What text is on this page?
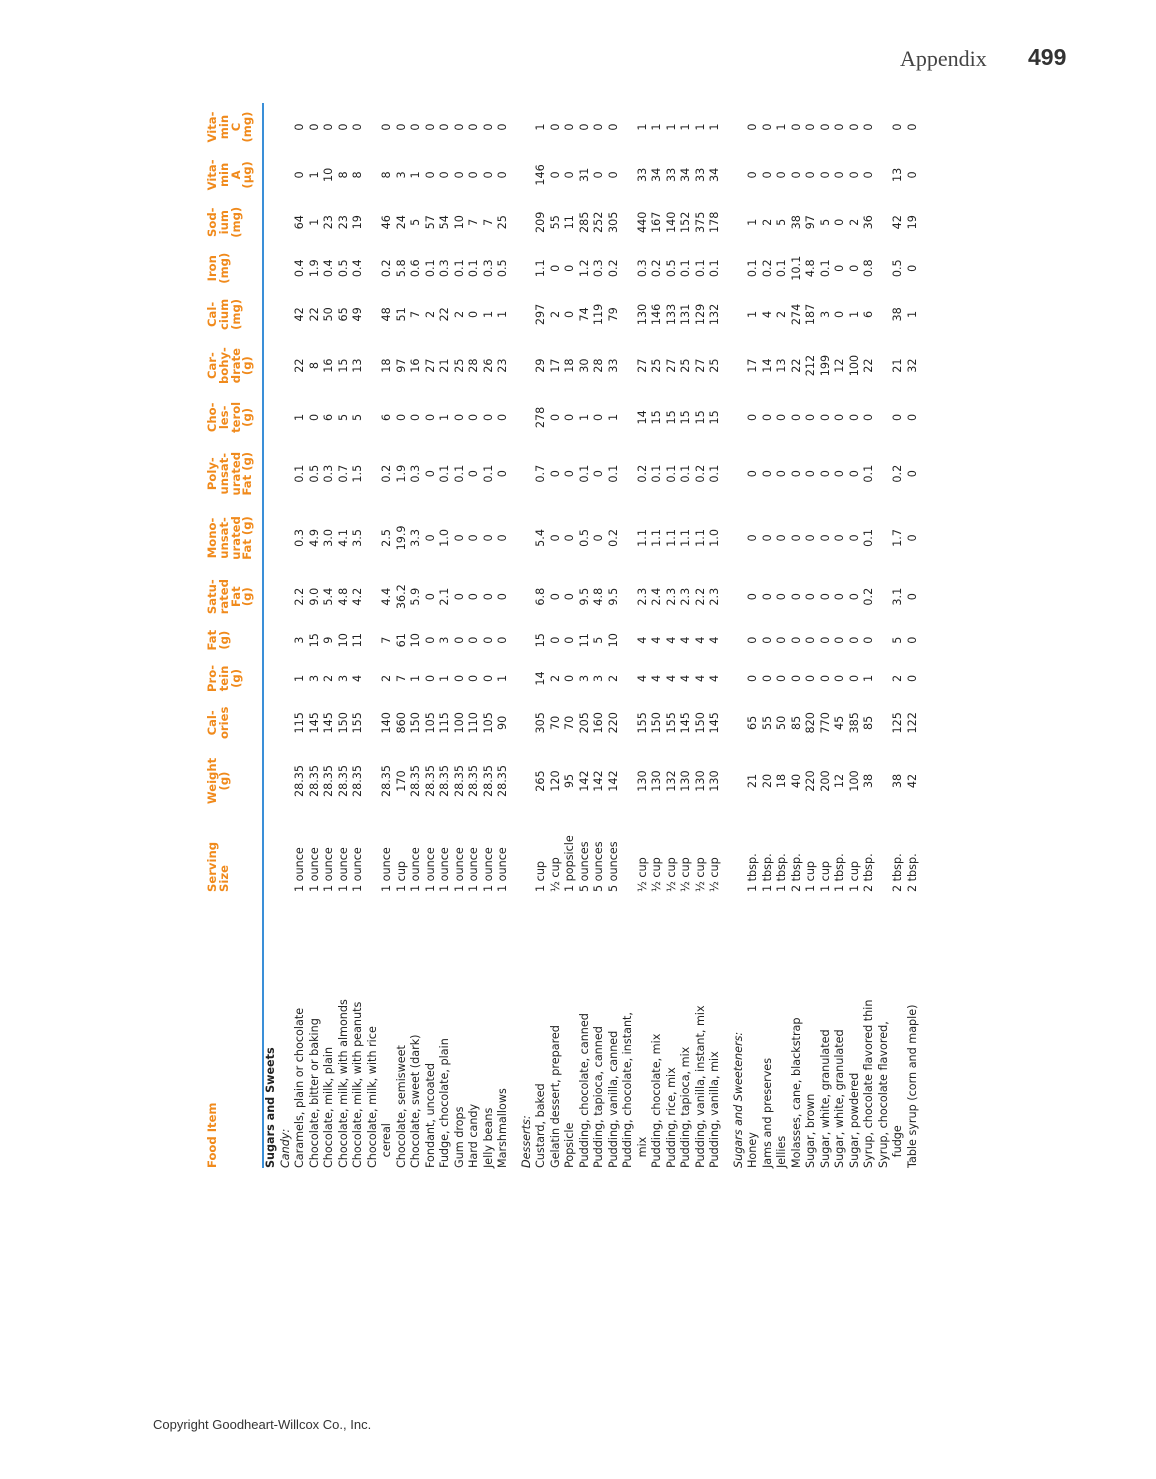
Appendix 499
Food Item	Serving Size	Weight (g)	Cal- ories	Pro- tein (g)	Fat (g)	Satu- rated Fat (g)	Mono- unsat- urated Fat (g)	Poly- unsat- urated Fat (g)	Cho- les- terol (g)	Car- bohy- drate (g)	Cal- cium (mg)	Iron (mg)	Sod- ium (mg)	Vita- min A (µg)	Vita- min C (mg)
Sugars and Sweets															
Candy:															
Caramels, plain or chocolate	1 ounce	28.35	115	1	3	2.2	0.3	0.1	1	22	42	0.4	64	0	0
Chocolate, bitter or baking	1 ounce	28.35	145	3	15	9.0	4.9	0.5	0	8	22	1.9	1	1	0
Chocolate, milk, plain	1 ounce	28.35	145	2	9	5.4	3.0	0.3	6	16	50	0.4	23	10	0
Chocolate, milk, with almonds	1 ounce	28.35	150	3	10	4.8	4.1	0.7	5	15	65	0.5	23	8	0
Chocolate, milk, with peanuts	1 ounce	28.35	155	4	11	4.2	3.5	1.5	5	13	49	0.4	19	8	0
Chocolate, milk, with rice															
cereal	1 ounce	28.35	140	2	7	4.4	2.5	0.2	6	18	48	0.2	46	8	0
Chocolate, semisweet	1 cup	170	860	7	61	36.2	19.9	1.9	0	97	51	5.8	24	3	0
Chocolate, sweet (dark)	1 ounce	28.35	150	1	10	5.9	3.3	0.3	0	16	7	0.6	5	1	0
Fondant, uncoated	1 ounce	28.35	105	0	0	0	0	0	0	27	2	0.1	57	0	0
Fudge, chocolate, plain	1 ounce	28.35	115	1	3	2.1	1.0	0.1	1	21	22	0.3	54	0	0
Gum drops	1 ounce	28.35	100	0	0	0	0	0.1	0	25	2	0.1	10	0	0
Hard candy	1 ounce	28.35	110	0	0	0	0	0	0	28	0	0.1	7	0	0
Jelly beans	1 ounce	28.35	105	0	0	0	0	0.1	0	26	1	0.3	7	0	0
Marshmallows	1 ounce	28.35	90	1	0	0	0	0	0	23	1	0.5	25	0	0

Desserts:															
Custard, baked	1 cup	265	305	14	15	6.8	5.4	0.7	278	29	297	1.1	209	146	1
Gelatin dessert, prepared	½ cup	120	70	2	0	0	0	0	0	17	2	0	55	0	0
Popsicle	1 popsicle	95	70	0	0	0	0	0	0	18	0	0	11	0	0
Pudding, chocolate, canned	5 ounces	142	205	3	11	9.5	0.5	0.1	1	30	74	1.2	285	31	0
Pudding, tapioca, canned	5 ounces	142	160	3	5	4.8	0	0	0	28	119	0.3	252	0	0
Pudding, vanilla, canned	5 ounces	142	220	2	10	9.5	0.2	0.1	1	33	79	0.2	305	0	0
Pudding, chocolate, instant,															
mix	½ cup	130	155	4	4	2.3	1.1	0.2	14	27	130	0.3	440	33	1
Pudding, chocolate, mix	½ cup	130	150	4	4	2.4	1.1	0.1	15	25	146	0.2	167	34	1
Pudding, rice, mix	½ cup	132	155	4	4	2.3	1.1	0.1	15	27	133	0.5	140	33	1
Pudding, tapioca, mix	½ cup	130	145	4	4	2.3	1.1	0.1	15	25	131	0.1	152	34	1
Pudding, vanilla, instant, mix	½ cup	130	150	4	4	2.2	1.1	0.2	15	27	129	0.1	375	33	1
Pudding, vanilla, mix	½ cup	130	145	4	4	2.3	1.0	0.1	15	25	132	0.1	178	34	1

Sugars and Sweeteners:															
Honey	1 tbsp.	21	65	0	0	0	0	0	0	17	1	0.1	1	0	0
Jams and preserves	1 tbsp.	20	55	0	0	0	0	0	0	14	4	0.2	2	0	0
Jellies	1 tbsp.	18	50	0	0	0	0	0	0	13	2	0.1	5	0	1
Molasses, cane, blackstrap	2 tbsp.	40	85	0	0	0	0	0	0	22	274	10.1	38	0	0
Sugar, brown	1 cup	220	820	0	0	0	0	0	0	212	187	4.8	97	0	0
Sugar, white, granulated	1 cup	200	770	0	0	0	0	0	0	199	3	0.1	5	0	0
Sugar, white, granulated	1 tbsp.	12	45	0	0	0	0	0	0	12	0	0	0	0	0
Sugar, powdered	1 cup	100	385	0	0	0	0	0	0	100	1	0	2	0	0
Syrup, chocolate flavored thin	2 tbsp.	38	85	1	0	0.2	0.1	0.1	0	22	6	0.8	36	0	0
Syrup, chocolate flavored,															
fudge	2 tbsp.	38	125	2	5	3.1	1.7	0.2	0	21	38	0.5	42	13	0
Table syrup (corn and maple)	2 tbsp.	42	122	0	0	0	0	0	0	32	1	0	19	0	0
Copyright Goodheart-Willcox Co., Inc.
